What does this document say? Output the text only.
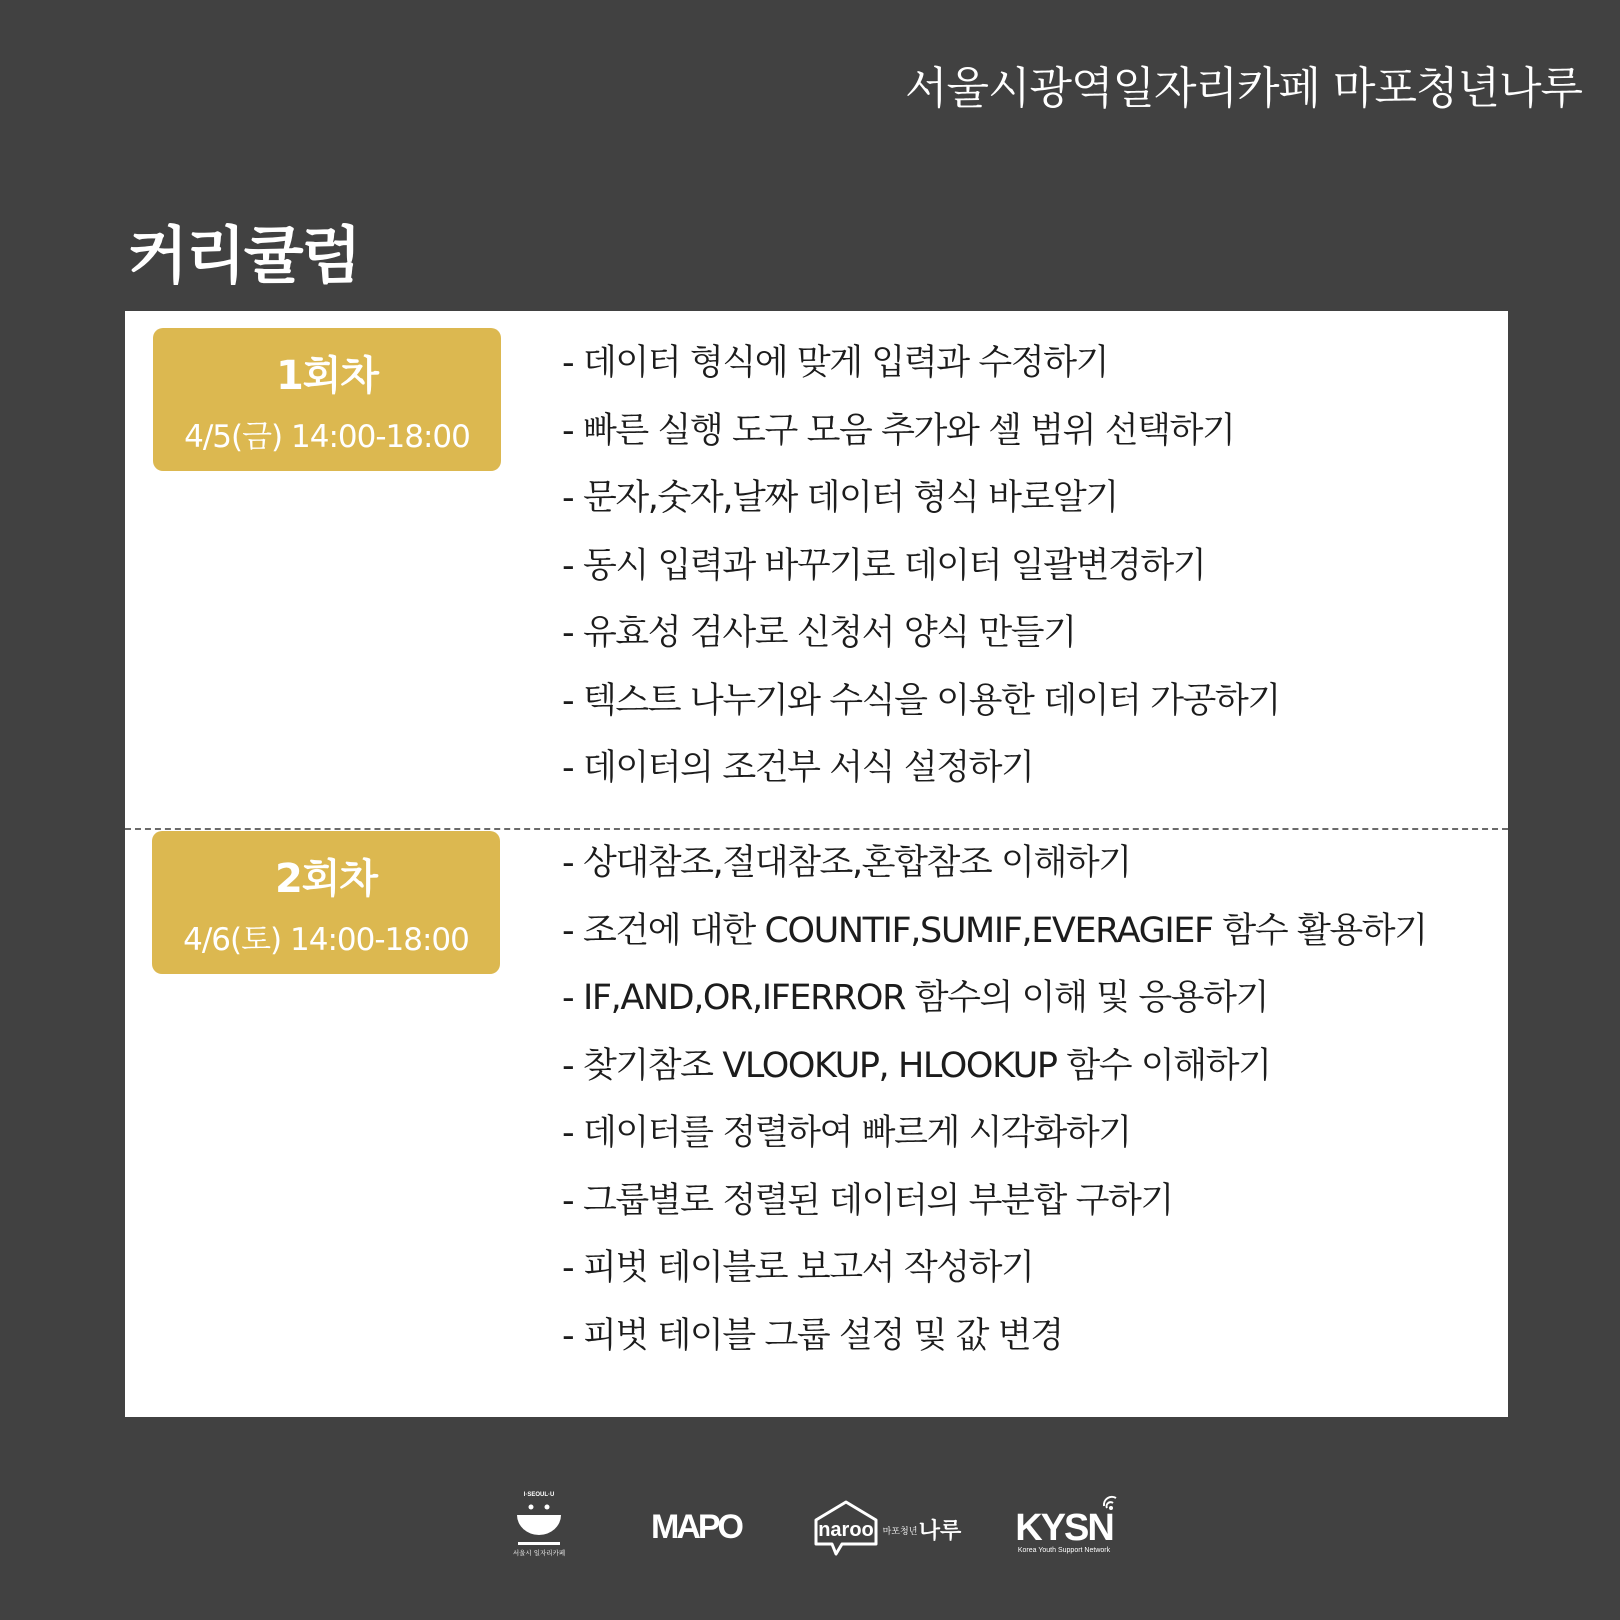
서울시광역일자리카페 마포청년나루
커리큘럼
1회차
4/5(금) 14:00-18:00
- 데이터 형식에 맞게 입력과 수정하기
- 빠른 실행 도구 모음 추가와 셀 범위 선택하기
- 문자,숫자,날짜 데이터 형식 바로알기
- 동시 입력과 바꾸기로 데이터 일괄변경하기
- 유효성 검사로 신청서 양식 만들기
- 텍스트 나누기와 수식을 이용한 데이터 가공하기
- 데이터의 조건부 서식 설정하기
2회차
4/6(토) 14:00-18:00
- 상대참조,절대참조,혼합참조 이해하기
- 조건에 대한 COUNTIF,SUMIF,EVERAGIEF 함수 활용하기
- IF,AND,OR,IFERROR 함수의 이해 및 응용하기
- 찾기참조 VLOOKUP, HLOOKUP 함수 이해하기
- 데이터를 정렬하여 빠르게 시각화하기
- 그룹별로 정렬된 데이터의 부분합 구하기
- 피벗 테이블로 보고서 작성하기
- 피벗 테이블 그룹 설정 및 값 변경
I·SEOUL·U
서울시 일자리카페
MAPO	naroo 마포청년 나루 KYSN
Korea Youth Support Network
